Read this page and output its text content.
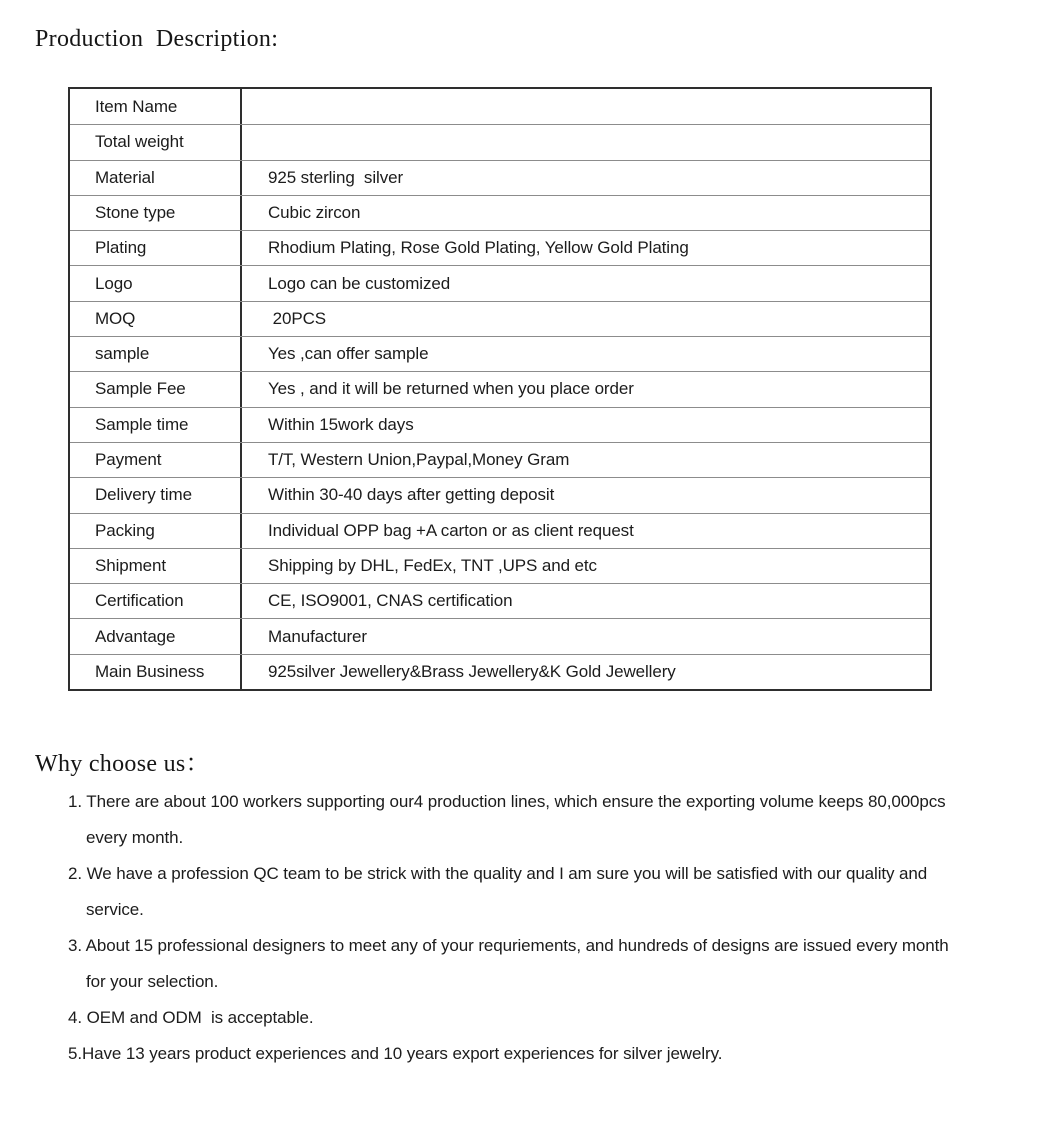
Production  Description:
Item Name
Total weight
Material	925 sterling  silver
Stone type	Cubic zircon
Plating	Rhodium Plating, Rose Gold Plating, Yellow Gold Plating
Logo	Logo can be customized
MOQ	20PCS
sample	Yes ,can offer sample
Sample Fee	Yes , and it will be returned when you place order
Sample time	Within 15work days
Payment	T/T, Western Union,Paypal,Money Gram
Delivery time	Within 30-40 days after getting deposit
Packing	Individual OPP bag +A carton or as client request
Shipment	Shipping by DHL, FedEx, TNT ,UPS and etc
Certification	CE, ISO9001, CNAS certification
Advantage	Manufacturer
Main Business	925silver Jewellery&Brass Jewellery&K Gold Jewellery
Why choose us：
1. There are about 100 workers supporting our4 production lines, which ensure the exporting volume keeps 80,000pcs
every month.
2. We have a profession QC team to be strick with the quality and I am sure you will be satisfied with our quality and
service.
3. About 15 professional designers to meet any of your requriements, and hundreds of designs are issued every month
for your selection.
4. OEM and ODM  is acceptable.
5.Have 13 years product experiences and 10 years export experiences for silver jewelry.
